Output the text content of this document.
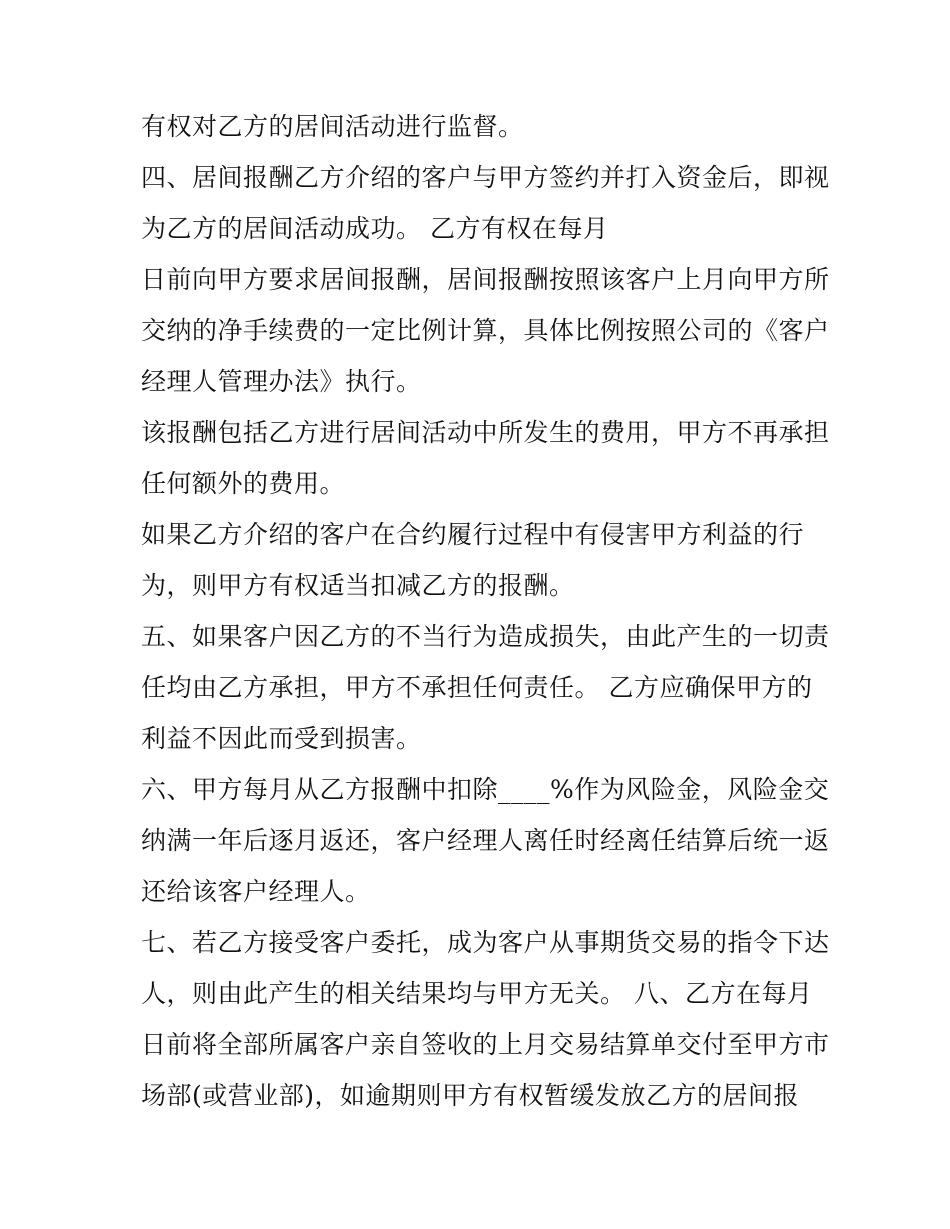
有权对乙方的居间活动进行监督。
四、居间报酬乙方介绍的客户与甲方签约并打入资金后，即视
为乙方的居间活动成功。 乙方有权在每月
日前向甲方要求居间报酬，居间报酬按照该客户上月向甲方所
交纳的净手续费的一定比例计算，具体比例按照公司的《客户
经理人管理办法》执行。
该报酬包括乙方进行居间活动中所发生的费用，甲方不再承担
任何额外的费用。
如果乙方介绍的客户在合约履行过程中有侵害甲方利益的行
为，则甲方有权适当扣减乙方的报酬。
五、如果客户因乙方的不当行为造成损失，由此产生的一切责
任均由乙方承担，甲方不承担任何责任。 乙方应确保甲方的
利益不因此而受到损害。
六、甲方每月从乙方报酬中扣除____%作为风险金，风险金交
纳满一年后逐月返还，客户经理人离任时经离任结算后统一返
还给该客户经理人。
七、若乙方接受客户委托，成为客户从事期货交易的指令下达
人，则由此产生的相关结果均与甲方无关。 八、乙方在每月
日前将全部所属客户亲自签收的上月交易结算单交付至甲方市
场部(或营业部)，如逾期则甲方有权暂缓发放乙方的居间报
